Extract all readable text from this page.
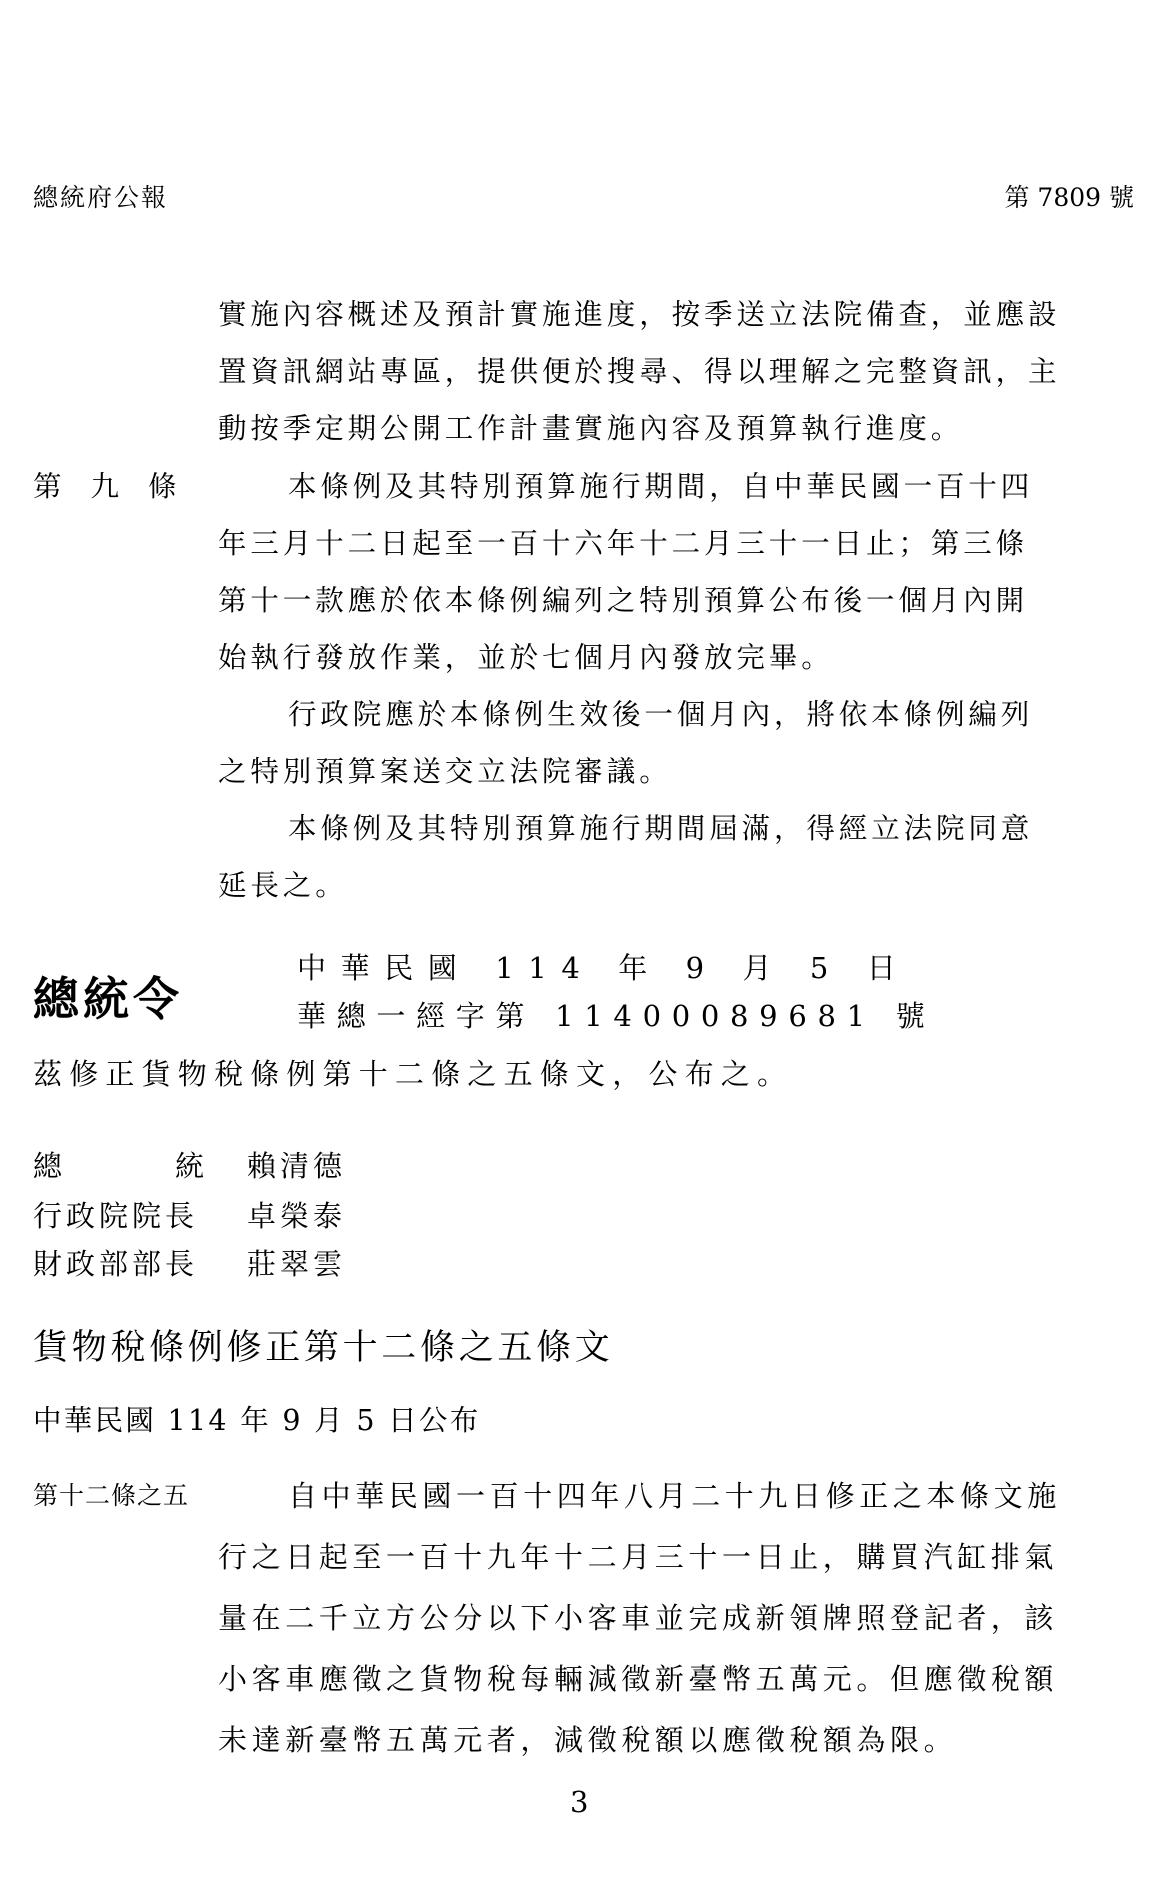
總統府公報	第 7809 號
實施內容概述及預計實施進度，按季送立法院備查，並應設
置資訊網站專區，提供便於搜尋、得以理解之完整資訊，主
動按季定期公開工作計畫實施內容及預算執行進度。
第九條	本條例及其特別預算施行期間，自中華民國一百十四
年三月十二日起至一百十六年十二月三十一日止；第三條
第十一款應於依本條例編列之特別預算公布後一個月內開
始執行發放作業，並於七個月內發放完畢。
行政院應於本條例生效後一個月內，將依本條例編列
之特別預算案送交立法院審議。
本條例及其特別預算施行期間屆滿，得經立法院同意
延長之。
總統令
中華民國 114 年 9 月 5 日
華總一經字第 11400089681 號
茲修正貨物稅條例第十二條之五條文，公布之。
總	統 賴清德
行政院院長 卓榮泰
財政部部長 莊翠雲
貨物稅條例修正第十二條之五條文
中華民國 114 年 9 月 5 日公布
第十二條之五	自中華民國一百十四年八月二十九日修正之本條文施
行之日起至一百十九年十二月三十一日止，購買汽缸排氣
量在二千立方公分以下小客車並完成新領牌照登記者，該
小客車應徵之貨物稅每輛減徵新臺幣五萬元。但應徵稅額
未達新臺幣五萬元者，減徵稅額以應徵稅額為限。
3
